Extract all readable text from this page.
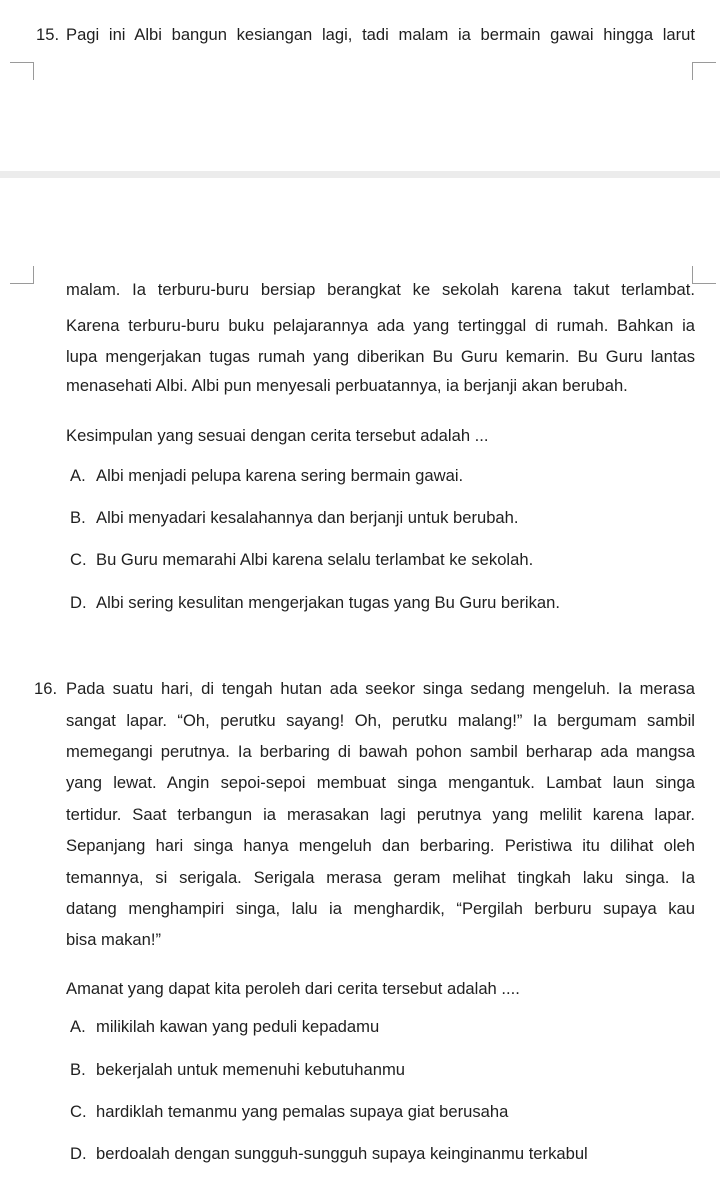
15. Pagi ini Albi bangun kesiangan lagi, tadi malam ia bermain gawai hingga larut
malam. Ia terburu-buru bersiap berangkat ke sekolah karena takut terlambat.
Karena terburu-buru buku pelajarannya ada yang tertinggal di rumah. Bahkan ia
lupa mengerjakan tugas rumah yang diberikan Bu Guru kemarin. Bu Guru lantas
menasehati Albi. Albi pun menyesali perbuatannya, ia berjanji akan berubah.
Kesimpulan yang sesuai dengan cerita tersebut adalah ...
A. Albi menjadi pelupa karena sering bermain gawai.
B. Albi menyadari kesalahannya dan berjanji untuk berubah.
C. Bu Guru memarahi Albi karena selalu terlambat ke sekolah.
D. Albi sering kesulitan mengerjakan tugas yang Bu Guru berikan.
16. Pada suatu hari, di tengah hutan ada seekor singa sedang mengeluh. Ia merasa
sangat lapar. “Oh, perutku sayang! Oh, perutku malang!” Ia bergumam sambil
memegangi perutnya. Ia berbaring di bawah pohon sambil berharap ada mangsa
yang lewat. Angin sepoi-sepoi membuat singa mengantuk. Lambat laun singa
tertidur. Saat terbangun ia merasakan lagi perutnya yang melilit karena lapar.
Sepanjang hari singa hanya mengeluh dan berbaring. Peristiwa itu dilihat oleh
temannya, si serigala. Serigala merasa geram melihat tingkah laku singa. Ia
datang menghampiri singa, lalu ia menghardik, “Pergilah berburu supaya kau
bisa makan!”
Amanat yang dapat kita peroleh dari cerita tersebut adalah ....
A. milikilah kawan yang peduli kepadamu
B. bekerjalah untuk memenuhi kebutuhanmu
C. hardiklah temanmu yang pemalas supaya giat berusaha
D. berdoalah dengan sungguh-sungguh supaya keinginanmu terkabul
